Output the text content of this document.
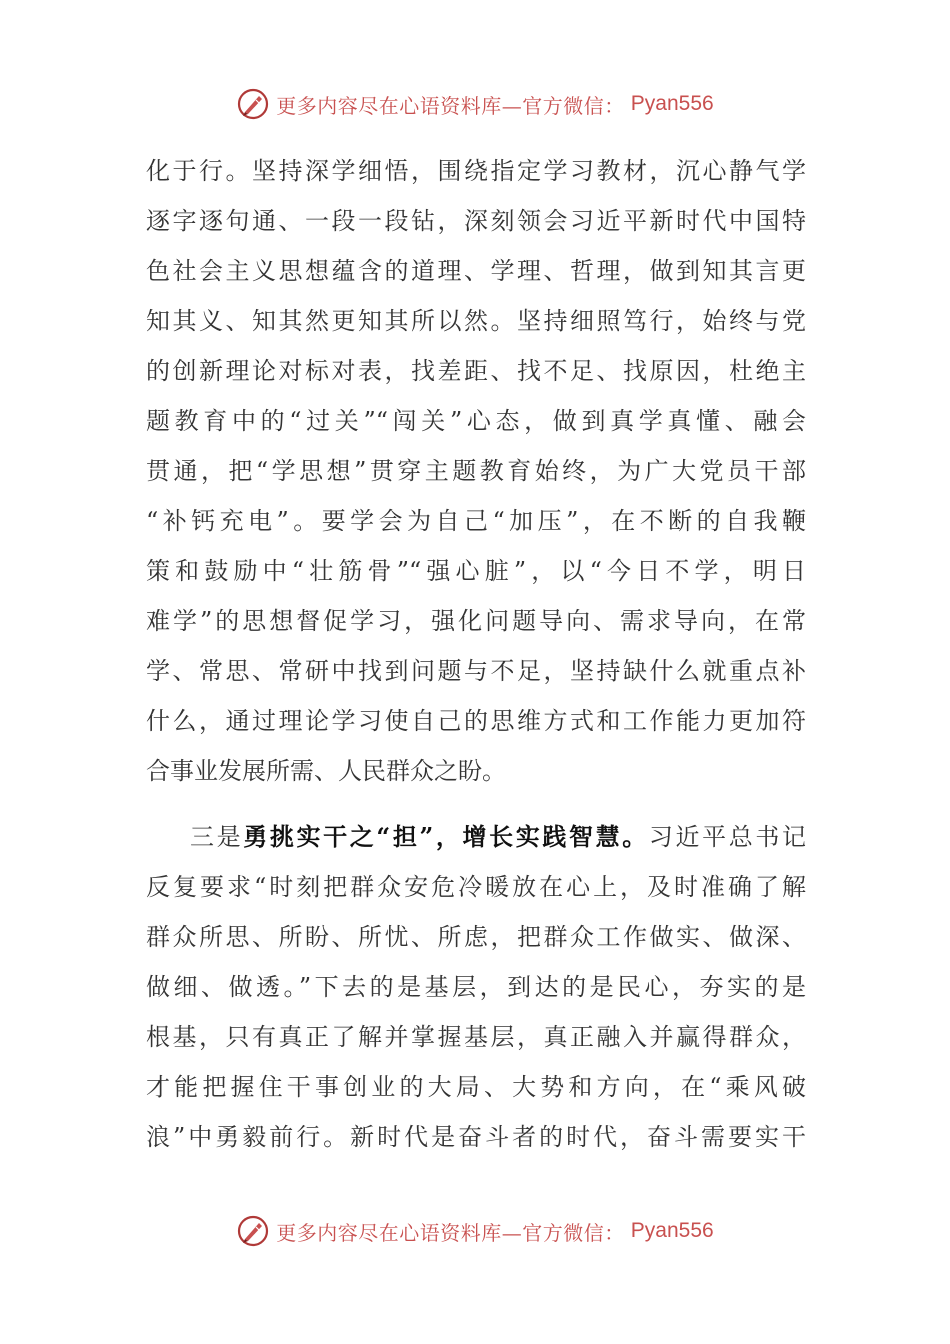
更多内容尽在心语资料库—官方微信： Pyan556
化于行。坚持深学细悟，围绕指定学习教材，沉心静气学
逐字逐句通、一段一段钻，深刻领会习近平新时代中国特
色社会主义思想蕴含的道理、学理、哲理，做到知其言更
知其义、知其然更知其所以然。坚持细照笃行，始终与党
的创新理论对标对表，找差距、找不足、找原因，杜绝主
题教育中的“过关”“闯关”心态，做到真学真懂、融会
贯通，把“学思想”贯穿主题教育始终，为广大党员干部
“补钙充电”。要学会为自己“加压”，在不断的自我鞭
策和鼓励中“壮筋骨”“强心脏”，以“今日不学，明日
难学”的思想督促学习，强化问题导向、需求导向，在常
学、常思、常研中找到问题与不足，坚持缺什么就重点补
什么，通过理论学习使自己的思维方式和工作能力更加符
合事业发展所需、人民群众之盼。
三是勇挑实干之“担”，增长实践智慧。习近平总书记
反复要求“时刻把群众安危冷暖放在心上，及时准确了解
群众所思、所盼、所忧、所虑，把群众工作做实、做深、
做细、做透。”下去的是基层，到达的是民心，夯实的是
根基，只有真正了解并掌握基层，真正融入并赢得群众，
才能把握住干事创业的大局、大势和方向，在“乘风破
浪”中勇毅前行。新时代是奋斗者的时代，奋斗需要实干
更多内容尽在心语资料库—官方微信： Pyan556
